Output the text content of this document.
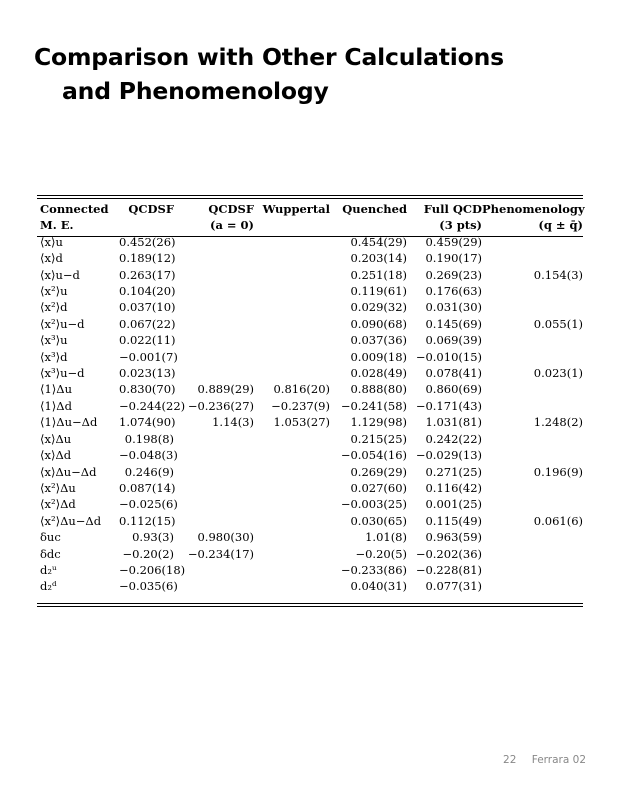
Comparison with Other Calculations
and Phenomenology
Connected	QCDSF	QCDSF	Wuppertal	Quenched	Full QCD	Phenomenology
M. E.		(a = 0)			(3 pts)	(q ± q̄)
⟨x⟩u	0.452(26)			0.454(29)	0.459(29)	
⟨x⟩d	0.189(12)			0.203(14)	0.190(17)	
⟨x⟩u−d	0.263(17)			0.251(18)	0.269(23)	0.154(3)
⟨x²⟩u	0.104(20)			0.119(61)	0.176(63)	
⟨x²⟩d	0.037(10)			0.029(32)	0.031(30)	
⟨x²⟩u−d	0.067(22)			0.090(68)	0.145(69)	0.055(1)
⟨x³⟩u	0.022(11)			0.037(36)	0.069(39)	
⟨x³⟩d	−0.001(7)			0.009(18)	−0.010(15)	
⟨x³⟩u−d	0.023(13)			0.028(49)	0.078(41)	0.023(1)
⟨1⟩Δu	0.830(70)	0.889(29)	0.816(20)	0.888(80)	0.860(69)	
⟨1⟩Δd	−0.244(22)	−0.236(27)	−0.237(9)	−0.241(58)	−0.171(43)	
⟨1⟩Δu−Δd	1.074(90)	1.14(3)	1.053(27)	1.129(98)	1.031(81)	1.248(2)
⟨x⟩Δu	0.198(8)			0.215(25)	0.242(22)	
⟨x⟩Δd	−0.048(3)			−0.054(16)	−0.029(13)	
⟨x⟩Δu−Δd	0.246(9)			0.269(29)	0.271(25)	0.196(9)
⟨x²⟩Δu	0.087(14)			0.027(60)	0.116(42)	
⟨x²⟩Δd	−0.025(6)			−0.003(25)	0.001(25)	
⟨x²⟩Δu−Δd	0.112(15)			0.030(65)	0.115(49)	0.061(6)
δuc	0.93(3)	0.980(30)		1.01(8)	0.963(59)	
δdc	−0.20(2)	−0.234(17)		−0.20(5)	−0.202(36)	
d₂ᵘ	−0.206(18)			−0.233(86)	−0.228(81)	
d₂ᵈ	−0.035(6)			0.040(31)	0.077(31)	
22 Ferrara 02
